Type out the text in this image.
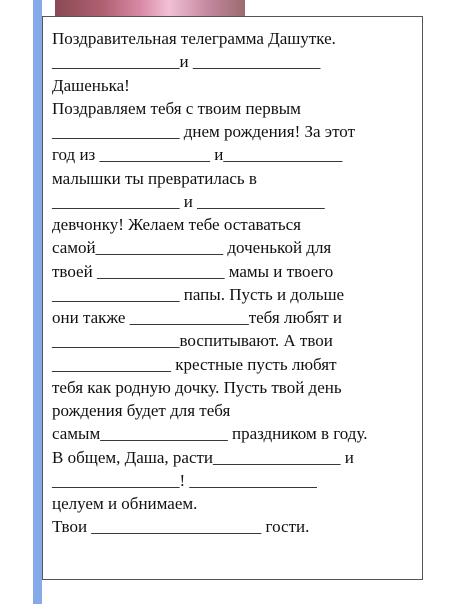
Поздравительная телеграмма Дашутке.
_______________и _______________
Дашенька!
Поздравляем тебя с твоим первым
_______________ днем рождения! За этот
год из _____________ и______________
малышки ты превратилась в
_______________ и _______________
девчонку! Желаем тебе оставаться
самой_______________ доченькой для
твоей _______________ мамы и твоего
_______________ папы. Пусть и дольше
они также ______________тебя любят и
_______________воспитывают. А твои
______________ крестные пусть любят
тебя как родную дочку. Пусть твой день
рождения будет для тебя
самым_______________ праздником в году.
В общем, Даша, расти_______________ и
_______________! _______________
целуем и обнимаем.
Твои ____________________ гости.
